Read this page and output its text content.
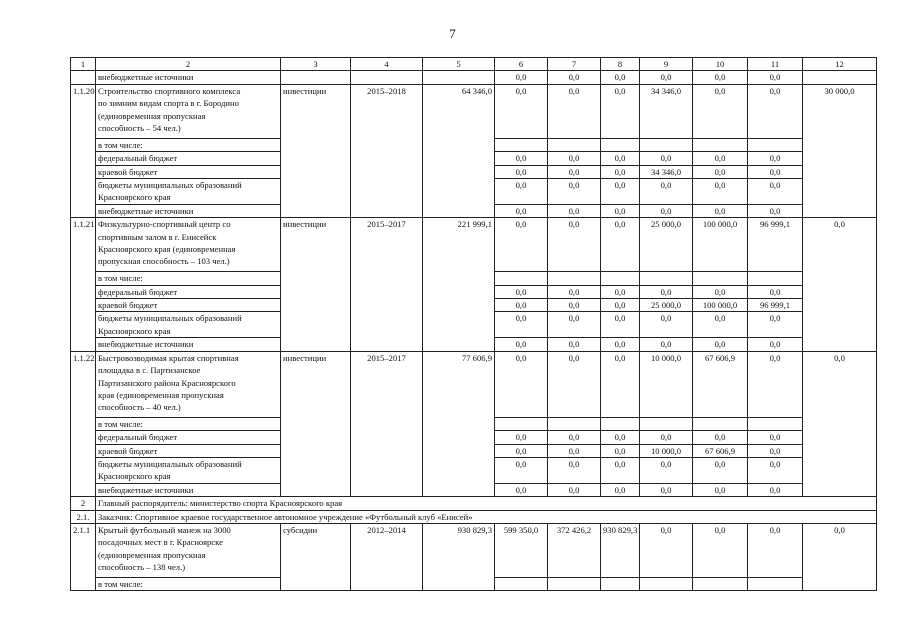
7
1	2	3	4	5	6	7	8	9	10	11	12
	внебюджетные источники				0,0	0,0	0,0	0,0	0,0	0,0	
1.1.20	Строительство спортивного комплекса
по зимним видам спорта в г. Бородино
(единовременная пропускная
способность – 54 чел.)	инвестиции	2015–2018	64 346,0	0,0	0,0	0,0	34 346,0	0,0	0,0	30 000,0
	в том числе:										
	федеральный бюджет				0,0	0,0	0,0	0,0	0,0	0,0	
	краевой бюджет				0,0	0,0	0,0	34 346,0	0,0	0,0	

	бюджеты муниципальных образований
Красноярского края				0,0	0,0	0,0	0,0	0,0	0,0	
	внебюджетные источники				0,0	0,0	0,0	0,0	0,0	0,0	
1.1.21	Физкультурно-спортивный центр со
спортивным залом в г. Енисейск
Красноярского края (единовременная
пропускная способность – 103 чел.)	инвестиции	2015–2017	221 999,1	0,0	0,0	0,0	25 000,0	100 000,0	96 999,1	0,0
	в том числе:										
	федеральный бюджет				0,0	0,0	0,0	0,0	0,0	0,0	
	краевой бюджет				0,0	0,0	0,0	25 000,0	100 000,0	96 999,1	

	бюджеты муниципальных образований
Красноярского края				0,0	0,0	0,0	0,0	0,0	0,0	
	внебюджетные источники				0,0	0,0	0,0	0,0	0,0	0,0	
1.1.22	Быстровозводимая крытая спортивная
площадка в с. Партизанское
Партизанского района Красноярского
края (единовременная пропускная
способность – 40 чел.)	инвестиции	2015–2017	77 606,9	0,0	0,0	0,0	10 000,0	67 606,9	0,0	0,0
	в том числе:										
	федеральный бюджет				0,0	0,0	0,0	0,0	0,0	0,0	
	краевой бюджет				0,0	0,0	0,0	10 000,0	67 606,9	0,0	

	бюджеты муниципальных образований
Красноярского края				0,0	0,0	0,0	0,0	0,0	0,0	
	внебюджетные источники				0,0	0,0	0,0	0,0	0,0	0,0	
2	Главный распорядитель: министерство спорта Красноярского края										
2.1.	Заказчик: Спортивное краевое государственное автономное учреждение «Футбольный клуб «Енисей»										
2.1.1	Крытый футбольный манеж на 3000
посадочных мест в г. Красноярске
(единовременная пропускная
способность – 138 чел.)	субсидии	2012–2014	930 829,3	599 350,0	372 426,2	930 829,3	0,0	0,0	0,0	0,0
	в том числе:										
